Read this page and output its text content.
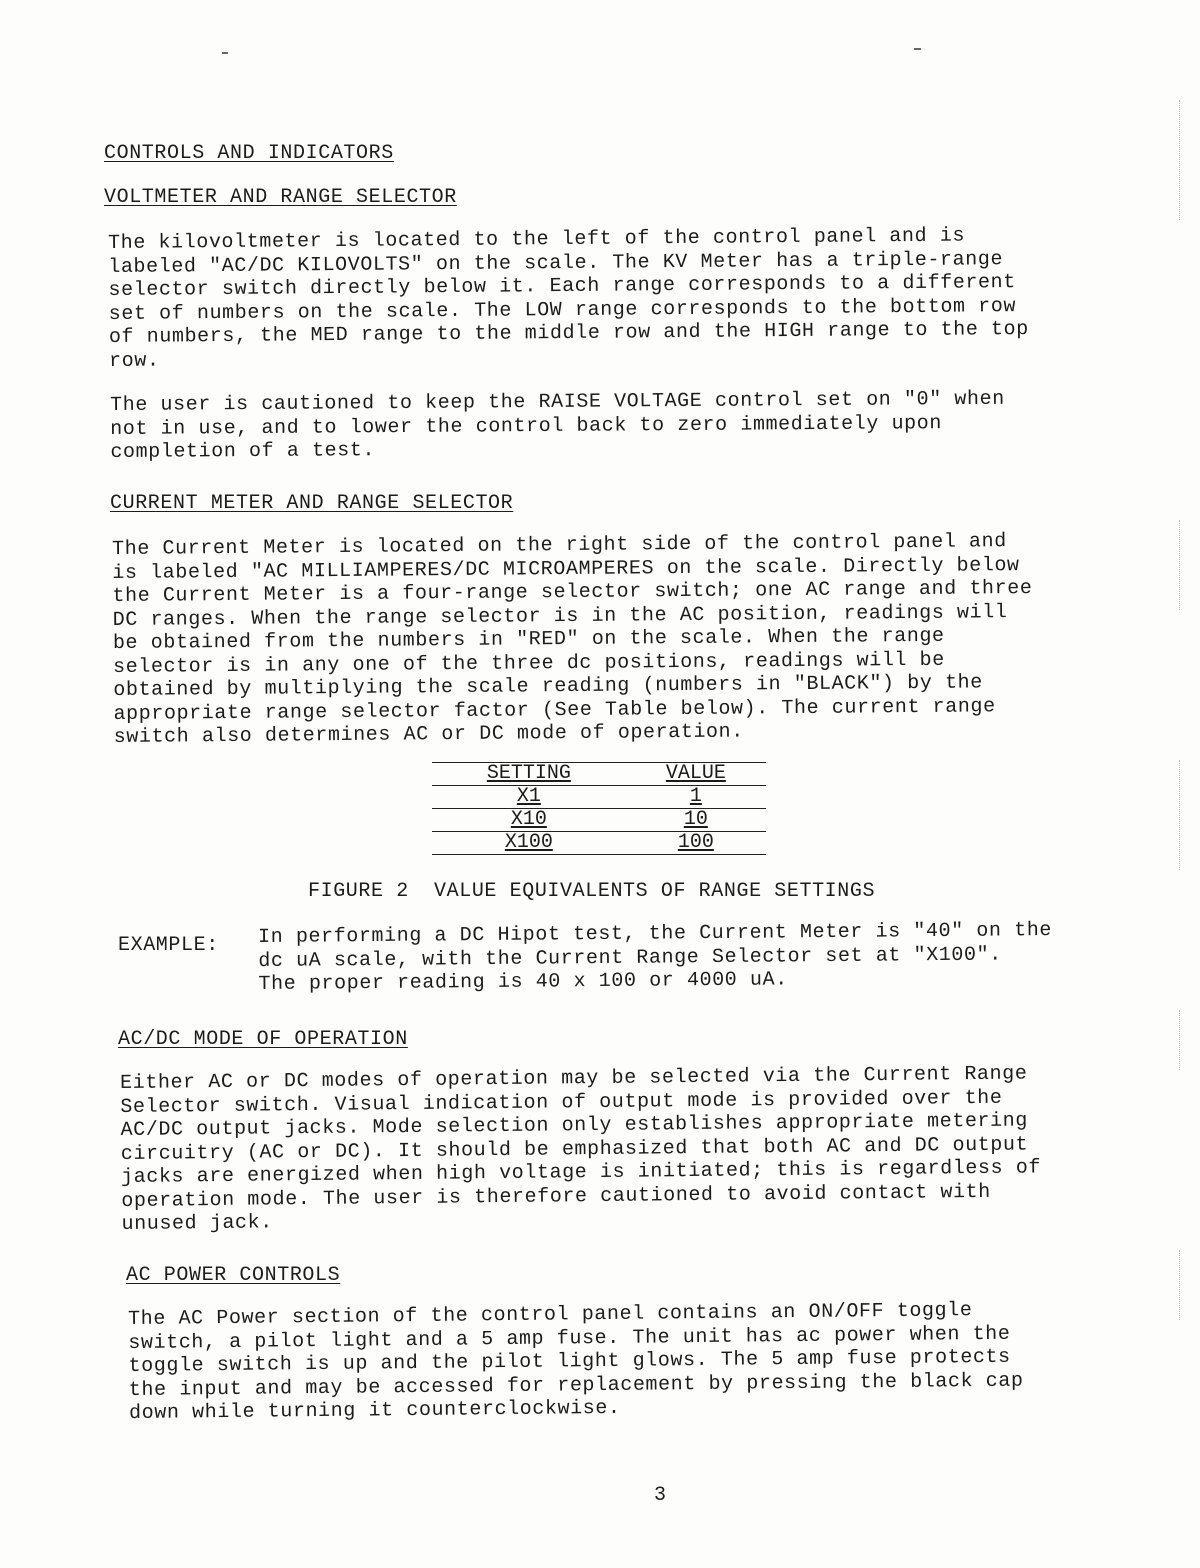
CONTROLS AND INDICATORS
VOLTMETER AND RANGE SELECTOR
The kilovoltmeter is located to the left of the control panel and is
labeled "AC/DC KILOVOLTS" on the scale. The KV Meter has a triple-range
selector switch directly below it. Each range corresponds to a different
set of numbers on the scale. The LOW range corresponds to the bottom row
of numbers, the MED range to the middle row and the HIGH range to the top
row.
The user is cautioned to keep the RAISE VOLTAGE control set on "0" when
not in use, and to lower the control back to zero immediately upon
completion of a test.
CURRENT METER AND RANGE SELECTOR
The Current Meter is located on the right side of the control panel and
is labeled "AC MILLIAMPERES/DC MICROAMPERES on the scale. Directly below
the Current Meter is a four-range selector switch; one AC range and three
DC ranges. When the range selector is in the AC position, readings will
be obtained from the numbers in "RED" on the scale. When the range
selector is in any one of the three dc positions, readings will be
obtained by multiplying the scale reading (numbers in "BLACK") by the
appropriate range selector factor (See Table below). The current range
switch also determines AC or DC mode of operation.
SETTING	VALUE
X1	1
X10	10
X100	100
FIGURE 2  VALUE EQUIVALENTS OF RANGE SETTINGS
EXAMPLE: In performing a DC Hipot test, the Current Meter is "40" on the
dc uA scale, with the Current Range Selector set at "X100".
The proper reading is 40 x 100 or 4000 uA.
AC/DC MODE OF OPERATION
Either AC or DC modes of operation may be selected via the Current Range
Selector switch. Visual indication of output mode is provided over the
AC/DC output jacks. Mode selection only establishes appropriate metering
circuitry (AC or DC). It should be emphasized that both AC and DC output
jacks are energized when high voltage is initiated; this is regardless of
operation mode. The user is therefore cautioned to avoid contact with
unused jack.
AC POWER CONTROLS
The AC Power section of the control panel contains an ON/OFF toggle
switch, a pilot light and a 5 amp fuse. The unit has ac power when the
toggle switch is up and the pilot light glows. The 5 amp fuse protects
the input and may be accessed for replacement by pressing the black cap
down while turning it counterclockwise.
3
